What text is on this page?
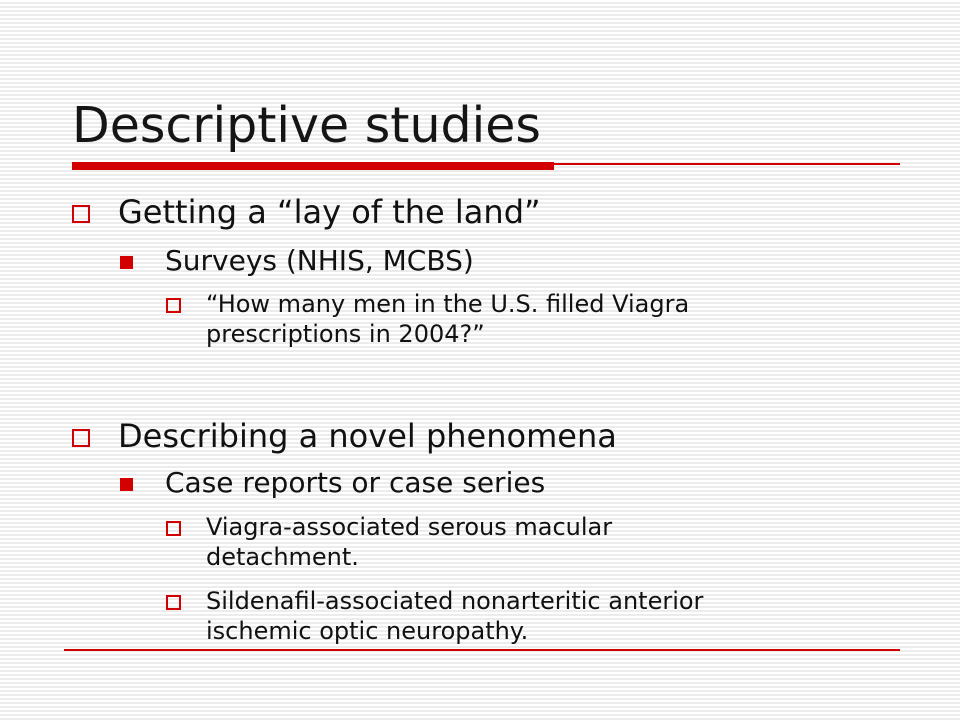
Descriptive studies
Getting a “lay of the land”
Surveys (NHIS, MCBS)
“How many men in the U.S. filled Viagra
prescriptions in 2004?”
Describing a novel phenomena
Case reports or case series
Viagra-associated serous macular
detachment.
Sildenafil-associated nonarteritic anterior
ischemic optic neuropathy.
